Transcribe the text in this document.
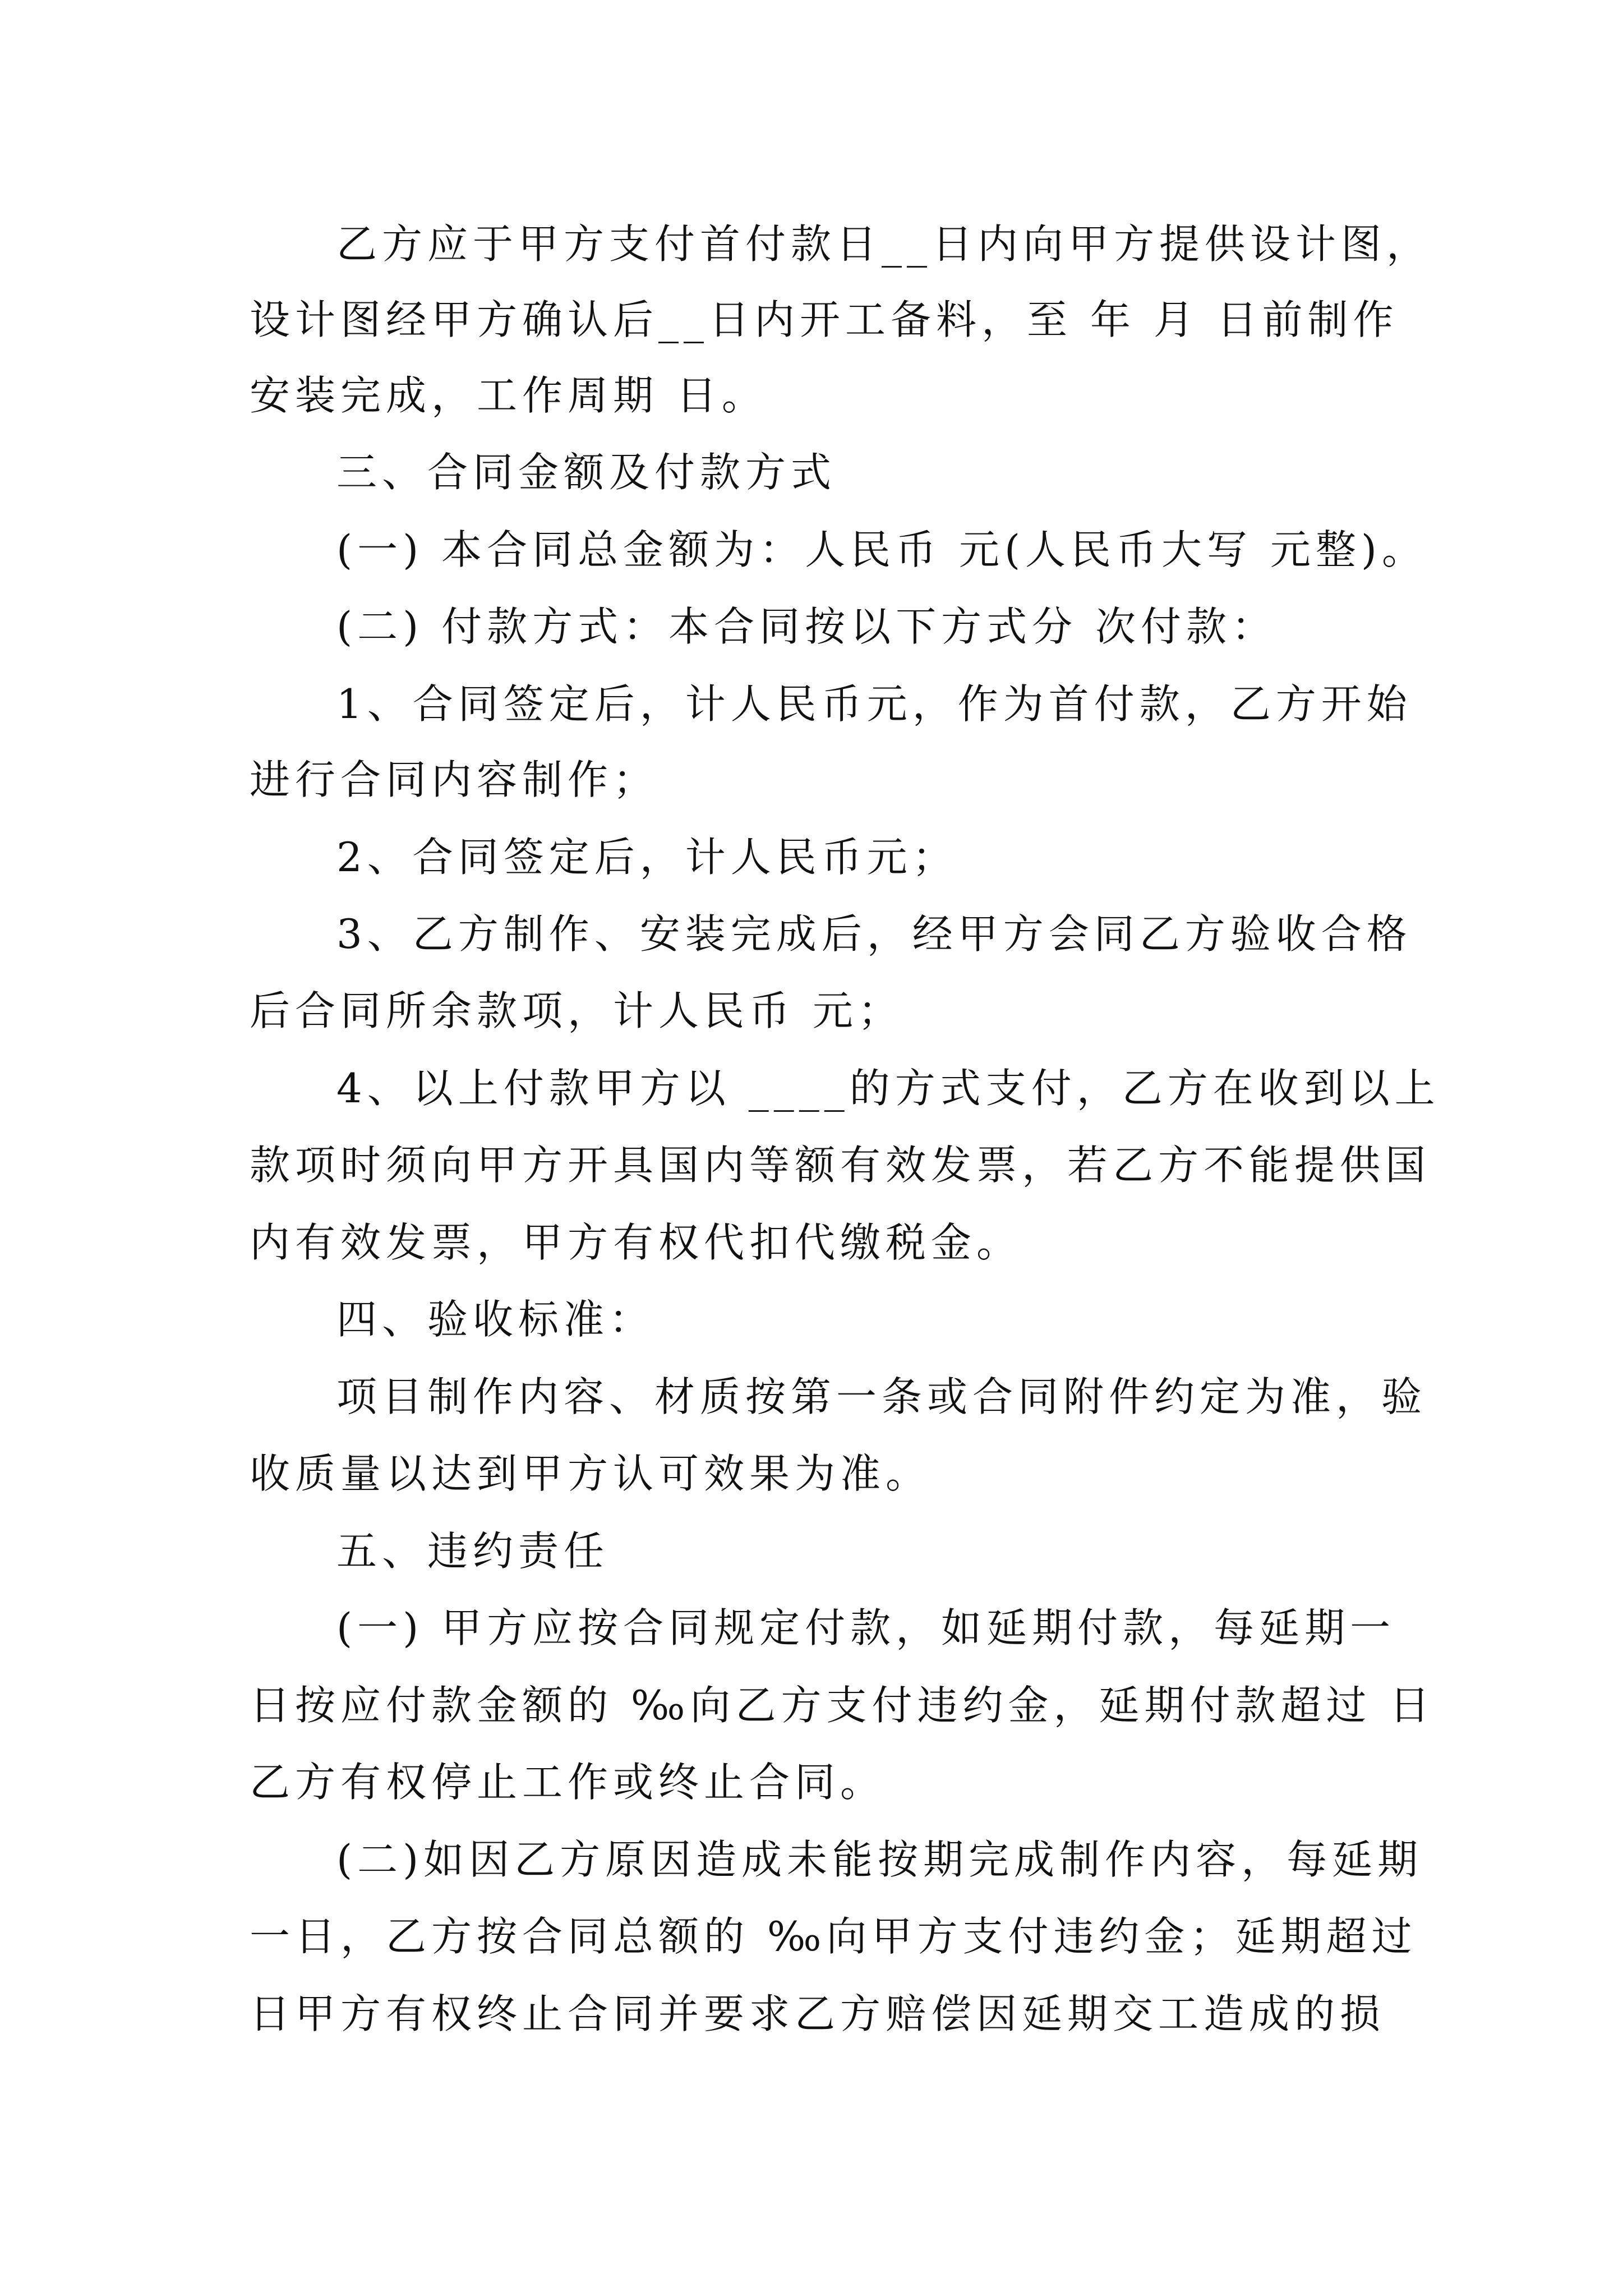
乙方应于甲方支付首付款日__日内向甲方提供设计图，
设计图经甲方确认后__日内开工备料，至 年 月 日前制作
安装完成，工作周期 日。
三、合同金额及付款方式
(一) 本合同总金额为：人民币 元(人民币大写 元整)。
(二) 付款方式：本合同按以下方式分 次付款：
1、合同签定后，计人民币元，作为首付款，乙方开始
进行合同内容制作；
2、合同签定后，计人民币元；
3、乙方制作、安装完成后，经甲方会同乙方验收合格
后合同所余款项，计人民币 元；
4、以上付款甲方以 ____的方式支付，乙方在收到以上
款项时须向甲方开具国内等额有效发票，若乙方不能提供国
内有效发票，甲方有权代扣代缴税金。
四、验收标准：
项目制作内容、材质按第一条或合同附件约定为准，验
收质量以达到甲方认可效果为准。
五、违约责任
(一) 甲方应按合同规定付款，如延期付款，每延期一
日按应付款金额的 ‰向乙方支付违约金，延期付款超过 日
乙方有权停止工作或终止合同。
(二)如因乙方原因造成未能按期完成制作内容，每延期
一日，乙方按合同总额的 ‰向甲方支付违约金；延期超过
日甲方有权终止合同并要求乙方赔偿因延期交工造成的损
